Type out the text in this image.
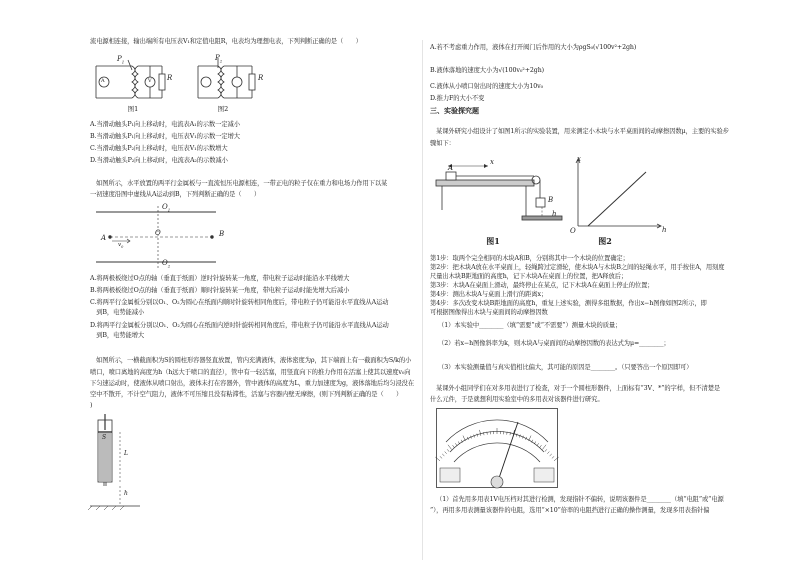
流电源相连接，输出端所有电压表V₁和定值电阻R，电表均为理想电表，下列判断正确的是（　　）
A	V
$P_1$
R
$P_2$
R
图1	图2
A.当滑动触头P₁向上移动时，电流表A₁的示数一定减小
B.当滑动触头P₁向上移动时，电压表V₁的示数一定增大
C.当滑动触头P₂向上移动时，电压表V₁的示数增大
D.当滑动触头P₂向上移动时，电流表A₂的示数减小
如图所示，水平放置的两平行金属板与一直流恒压电源相连，一带正电的粒子仅在重力和电场力作用下以某
一初速度沿图中虚线从A运动到B，下列判断正确的是（　　）
$O_1$
$O_2$
O
A	B
$v_0$
A.将两极板绕过O点的轴（垂直于纸面）逆时针旋转某一角度，带电粒子运动时能沿水平线增大
B.将两极板绕过O点的轴（垂直于纸面）顺时针旋转某一角度，带电粒子运动时能先增大后减小
C.将两平行金属板分别以O₁、O₂为圆心在纸面内顺时针旋转相同角度后，带电粒子仍可能沿水平直线从A运动
　到B，电势能减小
D.将两平行金属板分别以O₁、O₂为圆心在纸面内逆时针旋转相同角度后，带电粒子仍可能沿水平直线从A运动
　到B，电势能增大
如图所示，一横截面积为S的圆柱形容器竖直放置，管内充满液体，液体密度为ρ，其下端面上有一截面积为S/k的小
喷口，喷口离地的高度为h（h远大于喷口的直径），管中有一轻活塞，用竖直向下的推力作用在活塞上使其以速度v₀向
下匀速运动时，使液体从喷口射出，液体未打在容器外，管中液体的高度为L，重力加速度为g，液体落地后均匀浸没在
空中不散开，不计空气阻力，液体不可压缩且没有粘滞性，活塞与容器内壁无摩擦，(则下列判断正确的是（　　）
)
S
L
h
A.若不考虑重力作用，液体在打开阀门后作用的大小为ρgS₀(√100v²+2gh)
B.液体落地的速度大小为√(100v₀²+2gh)
C.液体从小喷口射出时的速度大小为10v₀
D.推力F的大小不变
三、实验探究题
某课外研究小组设计了如图1所示的实验装置，用来测定小木块与水平桌面间的动摩擦因数μ，主要的实验步
骤如下：
A
x
B
h
图1
x
h
O
图2
第1步：取两个完全相同的木块A和B，分别将其中一个木块的位置确定；
第2步：把木块A放在水平桌面上，轻绳跨过定滑轮，使木块A与木块B之间的轻绳水平，用手按住A，用刻度
尺量出木块B距地面的高度h，记下木块A在桌面上的位置，把A释放后；
第3步：木块A在桌面上滑动，最终停止在某点，记下木块A在桌面上停止的位置；
第4步：测出木块A与桌面上滑行的距离x；
第4步：多次改变木块B距地面的高度h，重复上述实验，测得多组数据，作出x−h图像如图2所示，即
可根据图像得出木块与桌面间的动摩擦因数
（1）本实验中________（填“需要”或“不需要”）测量木块的质量；
（2）若x−h图像斜率为k，则木块A与桌面间的动摩擦因数的表达式为μ=________；
（3）本实验测量值与真实值相比偏大，其可能的原因是________。（只要答出一个原因即可）
某课外小组同学们在对多用表进行了检查，对于一个圆柱形器件，上面标有“3V、*”的字样，但不清楚是
什么元件，于是就想利用实验室中的多用表对该器件进行研究。
（1）首先用多用表1V电压档对其进行检测，发现指针不偏转，说明该器件是________（填“电阻”或“电源
”），再用多用表测量该器件的电阻，选用“×10”倍率的电阻挡进行正确的操作测量，发现多用表指针偏
